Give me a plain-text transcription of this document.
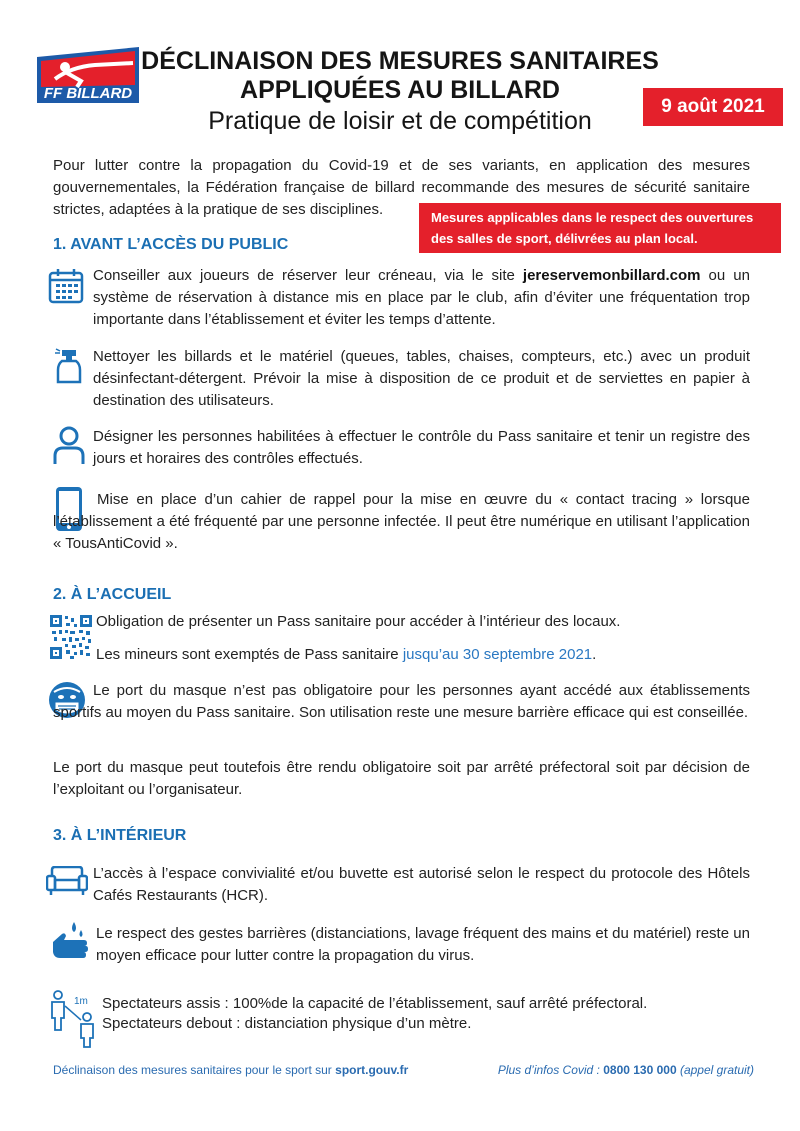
FF BILLARD
DÉCLINAISON DES MESURES SANITAIRES
APPLIQUÉES AU BILLARD
Pratique de loisir et de compétition
9 août 2021
Pour lutter contre la propagation du Covid-19 et de ses variants, en application des mesures gouvernementales, la Fédération française de billard recommande des mesures de sécurité sanitaire strictes, adaptées à la pratique de ses disciplines.	Mesures applicables dans le respect des ouvertures
des salles de sport, délivrées au plan local.
1. AVANT L’ACCÈS DU PUBLIC
Conseiller aux joueurs de réserver leur créneau, via le site jereservemonbillard.com ou un système de réservation à distance mis en place par le club, afin d’éviter une fréquentation trop importante dans l’établissement et éviter les temps d’attente.
Nettoyer les billards et le matériel (queues, tables, chaises, compteurs, etc.) avec un produit désinfectant-détergent. Prévoir la mise à disposition de ce produit et de serviettes en papier à destination des utilisateurs.
Désigner les personnes habilitées à effectuer le contrôle du Pass sanitaire et tenir un registre des jours et horaires des contrôles effectués.
Mise en place d’un cahier de rappel pour la mise en œuvre du « contact tracing » lorsque l’établissement a été fréquenté par une personne infectée. Il peut être numérique en utilisant l’application « TousAntiCovid ».
2. À L’ACCUEIL
Obligation de présenter un Pass sanitaire pour accéder à l’intérieur des locaux.
Les mineurs sont exemptés de Pass sanitaire jusqu’au 30 septembre 2021.
Le port du masque n’est pas obligatoire pour les personnes ayant accédé aux établissements sportifs au moyen du Pass sanitaire. Son utilisation reste une mesure barrière efficace qui est conseillée.
Le port du masque peut toutefois être rendu obligatoire soit par arrêté préfectoral soit par décision de l’exploitant ou l’organisateur.
3. À L’INTÉRIEUR
L’accès à l’espace convivialité et/ou buvette est autorisé selon le respect du protocole des Hôtels Cafés Restaurants (HCR).
Le respect des gestes barrières (distanciations, lavage fréquent des mains et du matériel) reste un moyen efficace pour lutter contre la propagation du virus.
1m Spectateurs assis : 100%de la capacité de l’établissement, sauf arrêté préfectoral.
Spectateurs debout : distanciation physique d’un mètre.
Déclinaison des mesures sanitaires pour le sport sur sport.gouv.fr	Plus d’infos Covid : 0800 130 000 (appel gratuit)
